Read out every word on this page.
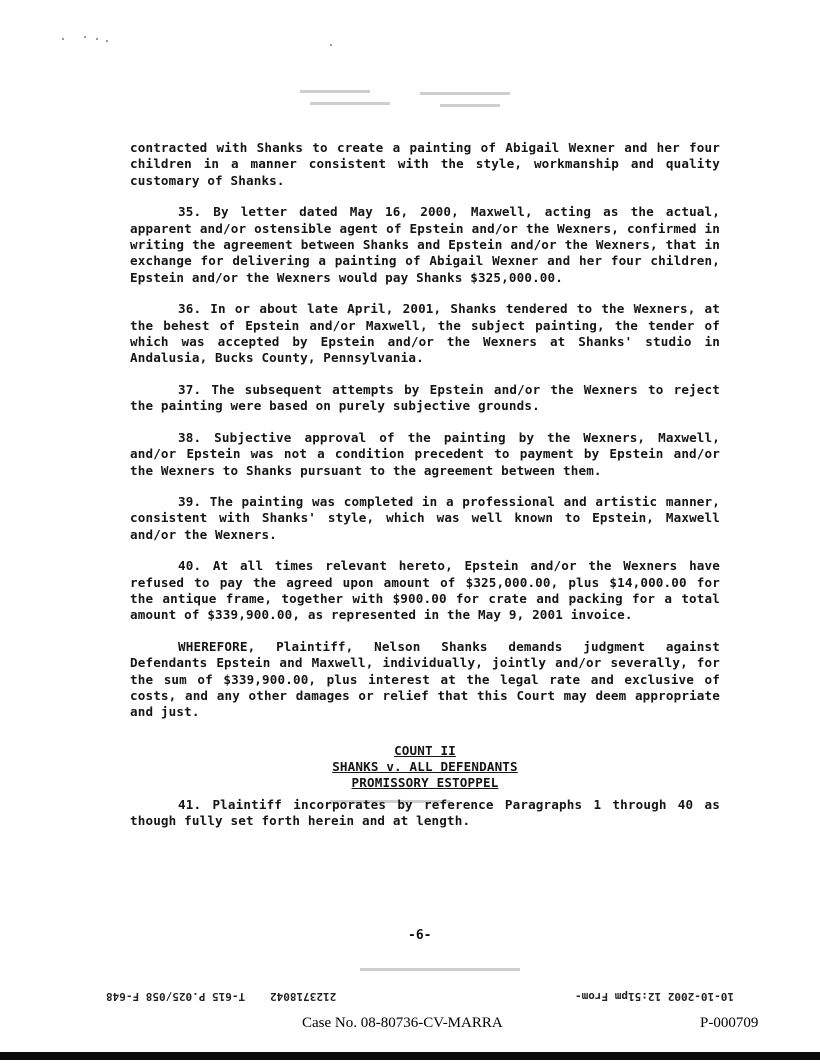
contracted with Shanks to create a painting of Abigail Wexner and her four children in a manner consistent with the style, workmanship and quality customary of Shanks.

35. By letter dated May 16, 2000, Maxwell, acting as the actual, apparent and/or ostensible agent of Epstein and/or the Wexners, confirmed in writing the agreement between Shanks and Epstein and/or the Wexners, that in exchange for delivering a painting of Abigail Wexner and her four children, Epstein and/or the Wexners would pay Shanks $325,000.00.

36. In or about late April, 2001, Shanks tendered to the Wexners, at the behest of Epstein and/or Maxwell, the subject painting, the tender of which was accepted by Epstein and/or the Wexners at Shanks' studio in Andalusia, Bucks County, Pennsylvania.

37. The subsequent attempts by Epstein and/or the Wexners to reject the painting were based on purely subjective grounds.

38. Subjective approval of the painting by the Wexners, Maxwell, and/or Epstein was not a condition precedent to payment by Epstein and/or the Wexners to Shanks pursuant to the agreement between them.

39. The painting was completed in a professional and artistic manner, consistent with Shanks' style, which was well known to Epstein, Maxwell and/or the Wexners.

40. At all times relevant hereto, Epstein and/or the Wexners have refused to pay the agreed upon amount of $325,000.00, plus $14,000.00 for the antique frame, together with $900.00 for crate and packing for a total amount of $339,900.00, as represented in the May 9, 2001 invoice.

WHEREFORE, Plaintiff, Nelson Shanks demands judgment against Defendants Epstein and Maxwell, individually, jointly and/or severally, for the sum of $339,900.00, plus interest at the legal rate and exclusive of costs, and any other damages or relief that this Court may deem appropriate and just.

COUNT II
SHANKS v. ALL DEFENDANTS
PROMISSORY ESTOPPEL

41. Plaintiff incorporates by reference Paragraphs 1 through 40 as though fully set forth herein and at length.

-6-
T-615 P.025/058 F-648 2123718042	10-10-2002 12:51pm From-
Case No. 08-80736-CV-MARRA	P-000709
